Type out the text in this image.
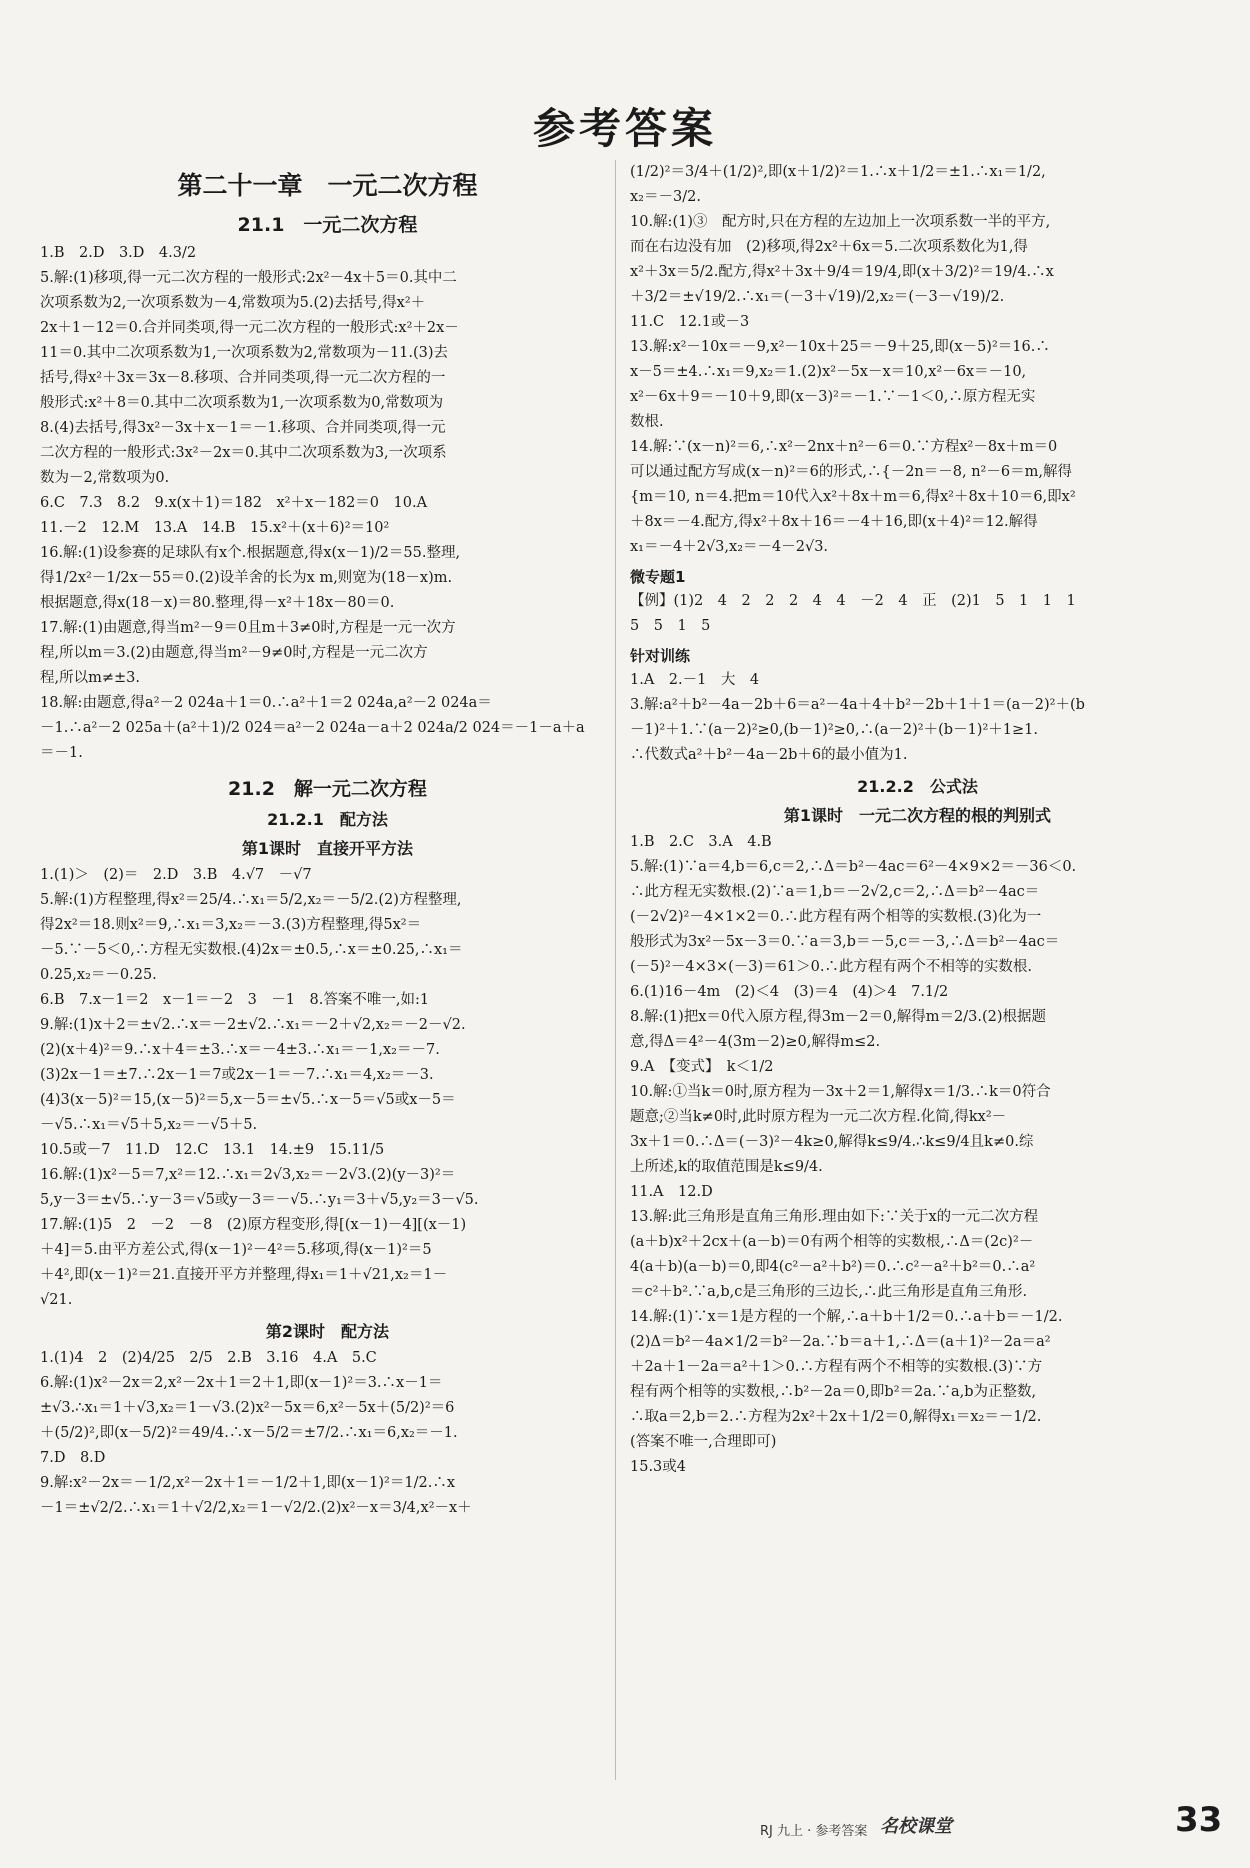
参考答案
第二十一章　一元二次方程
21.1　一元二次方程
1.B　2.D　3.D　4.3/2
5.解:(1)移项,得一元二次方程的一般形式:2x²－4x＋5＝0.其中二
次项系数为2,一次项系数为－4,常数项为5.(2)去括号,得x²＋
2x＋1－12＝0.合并同类项,得一元二次方程的一般形式:x²＋2x－
11＝0.其中二次项系数为1,一次项系数为2,常数项为－11.(3)去
括号,得x²＋3x＝3x－8.移项、合并同类项,得一元二次方程的一
般形式:x²＋8＝0.其中二次项系数为1,一次项系数为0,常数项为
8.(4)去括号,得3x²－3x＋x－1＝－1.移项、合并同类项,得一元
二次方程的一般形式:3x²－2x＝0.其中二次项系数为3,一次项系
数为－2,常数项为0.
6.C　7.3　8.2　9.x(x＋1)＝182　x²＋x－182＝0　10.A
11.－2　12.M　13.A　14.B　15.x²＋(x＋6)²＝10²
16.解:(1)设参赛的足球队有x个.根据题意,得x(x－1)/2＝55.整理,
得1/2x²－1/2x－55＝0.(2)设羊舍的长为x m,则宽为(18－x)m.
根据题意,得x(18－x)＝80.整理,得－x²＋18x－80＝0.
17.解:(1)由题意,得当m²－9＝0且m＋3≠0时,方程是一元一次方
程,所以m＝3.(2)由题意,得当m²－9≠0时,方程是一元二次方
程,所以m≠±3.
18.解:由题意,得a²－2 024a＋1＝0.∴a²＋1＝2 024a,a²－2 024a＝
－1.∴a²－2 025a＋(a²＋1)/2 024＝a²－2 024a－a＋2 024a/2 024＝－1－a＋a
＝－1.
21.2　解一元二次方程
21.2.1　配方法
第1课时　直接开平方法
1.(1)＞　(2)＝　2.D　3.B　4.√7　－√7
5.解:(1)方程整理,得x²＝25/4.∴x₁＝5/2,x₂＝－5/2.(2)方程整理,
得2x²＝18.则x²＝9,∴x₁＝3,x₂＝－3.(3)方程整理,得5x²＝
－5.∵－5＜0,∴方程无实数根.(4)2x＝±0.5,∴x＝±0.25,∴x₁＝
0.25,x₂＝－0.25.
6.B　7.x－1＝2　x－1＝－2　3　－1　8.答案不唯一,如:1
9.解:(1)x＋2＝±√2.∴x＝－2±√2.∴x₁＝－2＋√2,x₂＝－2－√2.
(2)(x＋4)²＝9.∴x＋4＝±3.∴x＝－4±3.∴x₁＝－1,x₂＝－7.
(3)2x－1＝±7.∴2x－1＝7或2x－1＝－7.∴x₁＝4,x₂＝－3.
(4)3(x－5)²＝15,(x－5)²＝5,x－5＝±√5.∴x－5＝√5或x－5＝
－√5.∴x₁＝√5＋5,x₂＝－√5＋5.
10.5或－7　11.D　12.C　13.1　14.±9　15.11/5
16.解:(1)x²－5＝7,x²＝12.∴x₁＝2√3,x₂＝－2√3.(2)(y－3)²＝
5,y－3＝±√5.∴y－3＝√5或y－3＝－√5.∴y₁＝3＋√5,y₂＝3－√5.
17.解:(1)5　2　－2　－8　(2)原方程变形,得[(x－1)－4][(x－1)
＋4]＝5.由平方差公式,得(x－1)²－4²＝5.移项,得(x－1)²＝5
＋4²,即(x－1)²＝21.直接开平方并整理,得x₁＝1＋√21,x₂＝1－
√21.
第2课时　配方法
1.(1)4　2　(2)4/25　2/5　2.B　3.16　4.A　5.C
6.解:(1)x²－2x＝2,x²－2x＋1＝2＋1,即(x－1)²＝3.∴x－1＝
±√3.∴x₁＝1＋√3,x₂＝1－√3.(2)x²－5x＝6,x²－5x＋(5/2)²＝6
＋(5/2)²,即(x－5/2)²＝49/4.∴x－5/2＝±7/2.∴x₁＝6,x₂＝－1.
7.D　8.D
9.解:x²－2x＝－1/2,x²－2x＋1＝－1/2＋1,即(x－1)²＝1/2.∴x
－1＝±√2/2.∴x₁＝1＋√2/2,x₂＝1－√2/2.(2)x²－x＝3/4,x²－x＋
(1/2)²＝3/4＋(1/2)²,即(x＋1/2)²＝1.∴x＋1/2＝±1.∴x₁＝1/2,
x₂＝－3/2.
10.解:(1)③　配方时,只在方程的左边加上一次项系数一半的平方,
而在右边没有加　(2)移项,得2x²＋6x＝5.二次项系数化为1,得
x²＋3x＝5/2.配方,得x²＋3x＋9/4＝19/4,即(x＋3/2)²＝19/4.∴x
＋3/2＝±√19/2.∴x₁＝(－3＋√19)/2,x₂＝(－3－√19)/2.
11.C　12.1或－3
13.解:x²－10x＝－9,x²－10x＋25＝－9＋25,即(x－5)²＝16.∴
x－5＝±4.∴x₁＝9,x₂＝1.(2)x²－5x－x＝10,x²－6x＝－10,
x²－6x＋9＝－10＋9,即(x－3)²＝－1.∵－1＜0,∴原方程无实
数根.
14.解:∵(x－n)²＝6,∴x²－2nx＋n²－6＝0.∵方程x²－8x＋m＝0
可以通过配方写成(x－n)²＝6的形式,∴{－2n＝－8, n²－6＝m,解得
{m＝10, n＝4.把m＝10代入x²＋8x＋m＝6,得x²＋8x＋10＝6,即x²
＋8x＝－4.配方,得x²＋8x＋16＝－4＋16,即(x＋4)²＝12.解得
x₁＝－4＋2√3,x₂＝－4－2√3.
微专题1
【例】(1)2　4　2　2　2　4　4　－2　4　正　(2)1　5　1　1　1
5　5　1　5
针对训练
1.A　2.－1　大　4
3.解:a²＋b²－4a－2b＋6＝a²－4a＋4＋b²－2b＋1＋1＝(a－2)²＋(b
－1)²＋1.∵(a－2)²≥0,(b－1)²≥0,∴(a－2)²＋(b－1)²＋1≥1.
∴代数式a²＋b²－4a－2b＋6的最小值为1.
21.2.2　公式法
第1课时　一元二次方程的根的判别式
1.B　2.C　3.A　4.B
5.解:(1)∵a＝4,b＝6,c＝2,∴Δ＝b²－4ac＝6²－4×9×2＝－36＜0.
∴此方程无实数根.(2)∵a＝1,b＝－2√2,c＝2,∴Δ＝b²－4ac＝
(－2√2)²－4×1×2＝0.∴此方程有两个相等的实数根.(3)化为一
般形式为3x²－5x－3＝0.∵a＝3,b＝－5,c＝－3,∴Δ＝b²－4ac＝
(－5)²－4×3×(－3)＝61＞0.∴此方程有两个不相等的实数根.
6.(1)16－4m　(2)＜4　(3)＝4　(4)＞4　7.1/2
8.解:(1)把x＝0代入原方程,得3m－2＝0,解得m＝2/3.(2)根据题
意,得Δ＝4²－4(3m－2)≥0,解得m≤2.
9.A　【变式】　k＜1/2
10.解:①当k＝0时,原方程为－3x＋2＝1,解得x＝1/3.∴k＝0符合
题意;②当k≠0时,此时原方程为一元二次方程.化简,得kx²－
3x＋1＝0.∴Δ＝(－3)²－4k≥0,解得k≤9/4.∴k≤9/4且k≠0.综
上所述,k的取值范围是k≤9/4.
11.A　12.D
13.解:此三角形是直角三角形.理由如下:∵关于x的一元二次方程
(a＋b)x²＋2cx＋(a－b)＝0有两个相等的实数根,∴Δ＝(2c)²－
4(a＋b)(a－b)＝0,即4(c²－a²＋b²)＝0.∴c²－a²＋b²＝0.∴a²
＝c²＋b².∵a,b,c是三角形的三边长,∴此三角形是直角三角形.
14.解:(1)∵x＝1是方程的一个解,∴a＋b＋1/2＝0.∴a＋b＝－1/2.
(2)Δ＝b²－4a×1/2＝b²－2a.∵b＝a＋1,∴Δ＝(a＋1)²－2a＝a²
＋2a＋1－2a＝a²＋1＞0.∴方程有两个不相等的实数根.(3)∵方
程有两个相等的实数根,∴b²－2a＝0,即b²＝2a.∵a,b为正整数,
∴取a＝2,b＝2.∴方程为2x²＋2x＋1/2＝0,解得x₁＝x₂＝－1/2.
(答案不唯一,合理即可)
15.3或4
RJ 九上 · 参考答案 名校课堂	33
